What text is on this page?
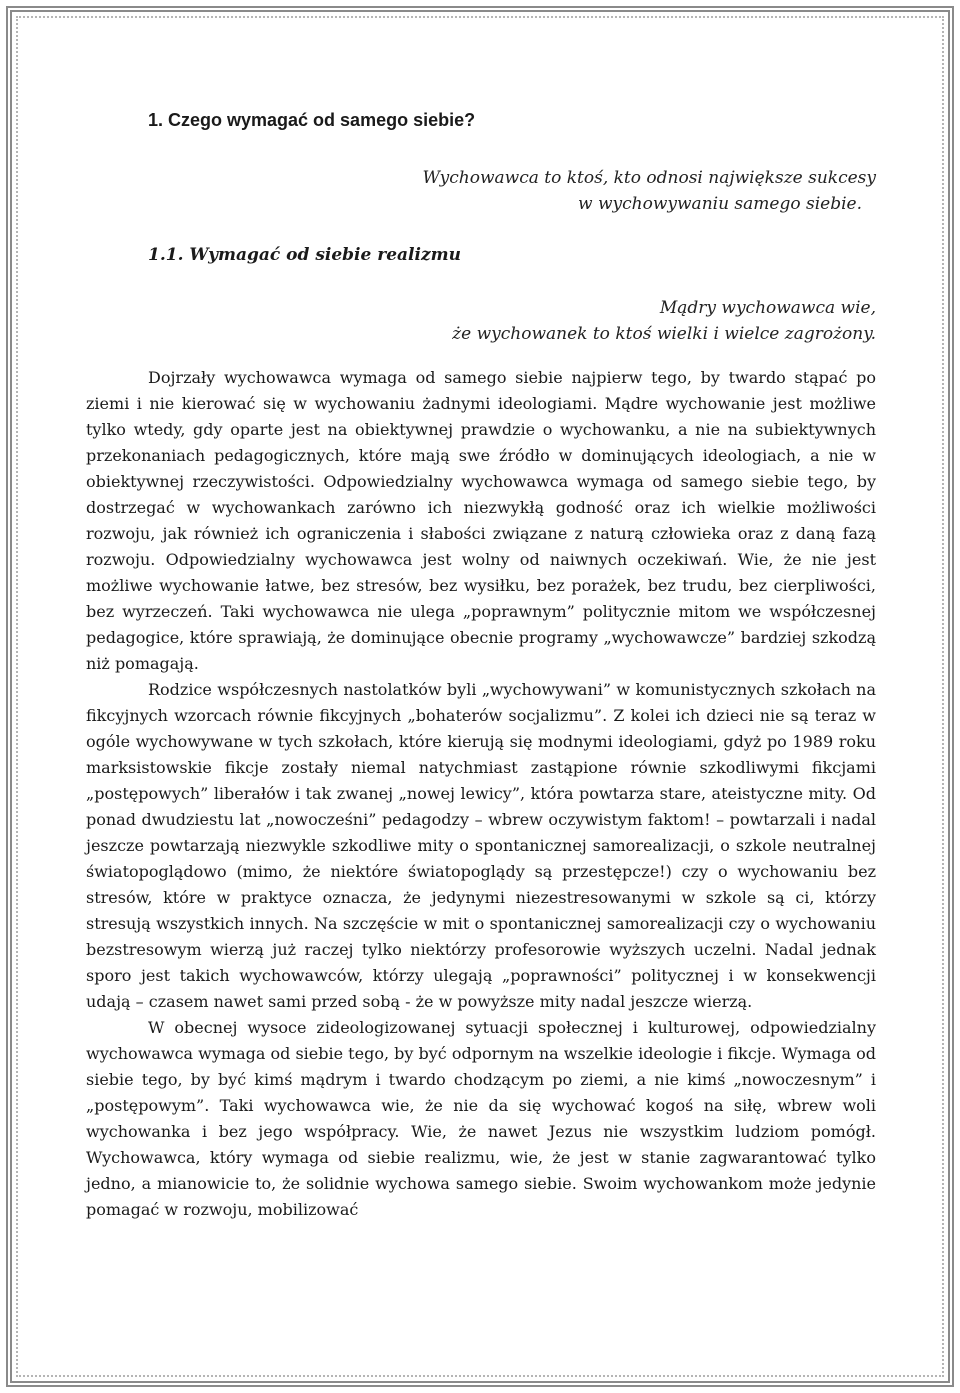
1. Czego wymagać od samego siebie?

Wychowawca to ktoś, kto odnosi największe sukcesy

w wychowywaniu samego siebie.

1.1. Wymagać od siebie realizmu

Mądry wychowawca wie,

że wychowanek to ktoś wielki i wielce zagrożony.

Dojrzały wychowawca wymaga od samego siebie najpierw tego, by twardo stąpać po ziemi i nie kierować się w wychowaniu żadnymi ideologiami. Mądre wychowanie jest możliwe tylko wtedy, gdy oparte jest na obiektywnej prawdzie o wychowanku, a nie na subiektywnych przekonaniach pedagogicznych, które mają swe źródło w dominujących ideologiach, a nie w obiektywnej rzeczywistości. Odpowiedzialny wychowawca wymaga od samego siebie tego, by dostrzegać w wychowankach zarówno ich niezwykłą godność oraz ich wielkie możliwości rozwoju, jak również ich ograniczenia i słabości związane z naturą człowieka oraz z daną fazą rozwoju. Odpowiedzialny wychowawca jest wolny od naiwnych oczekiwań. Wie, że nie jest możliwe wychowanie łatwe, bez stresów, bez wysiłku, bez porażek, bez trudu, bez cierpliwości, bez wyrzeczeń. Taki wychowawca nie ulega „poprawnym” politycznie mitom we współczesnej pedagogice, które sprawiają, że dominujące obecnie programy „wychowawcze” bardziej szkodzą niż pomagają.

Rodzice współczesnych nastolatków byli „wychowywani” w komunistycznych szkołach na fikcyjnych wzorcach równie fikcyjnych „bohaterów socjalizmu”. Z kolei ich dzieci nie są teraz w ogóle wychowywane w tych szkołach, które kierują się modnymi ideologiami, gdyż po 1989 roku marksistowskie fikcje zostały niemal natychmiast zastąpione równie szkodliwymi fikcjami „postępowych” liberałów i tak zwanej „nowej lewicy”, która powtarza stare, ateistyczne mity. Od ponad dwudziestu lat „nowocześni” pedagodzy – wbrew oczywistym faktom! – powtarzali i nadal jeszcze powtarzają niezwykle szkodliwe mity o spontanicznej samorealizacji, o szkole neutralnej światopoglądowo (mimo, że niektóre światopoglądy są przestępcze!) czy o wychowaniu bez stresów, które w praktyce oznacza, że jedynymi niezestresowanymi w szkole są ci, którzy stresują wszystkich innych. Na szczęście w mit o spontanicznej samorealizacji czy o wychowaniu bezstresowym wierzą już raczej tylko niektórzy profesorowie wyższych uczelni. Nadal jednak sporo jest takich wychowawców, którzy ulegają „poprawności” politycznej i w konsekwencji udają – czasem nawet sami przed sobą - że w powyższe mity nadal jeszcze wierzą.

W obecnej wysoce zideologizowanej sytuacji społecznej i kulturowej, odpowiedzialny wychowawca wymaga od siebie tego, by być odpornym na wszelkie ideologie i fikcje. Wymaga od siebie tego, by być kimś mądrym i twardo chodzącym po ziemi, a nie kimś „nowoczesnym” i „postępowym”. Taki wychowawca wie, że nie da się wychować kogoś na siłę, wbrew woli wychowanka i bez jego współpracy. Wie, że nawet Jezus nie wszystkim ludziom pomógł. Wychowawca, który wymaga od siebie realizmu, wie, że jest w stanie zagwarantować tylko jedno, a mianowicie to, że solidnie wychowa samego siebie. Swoim wychowankom może jedynie pomagać w rozwoju, mobilizować
